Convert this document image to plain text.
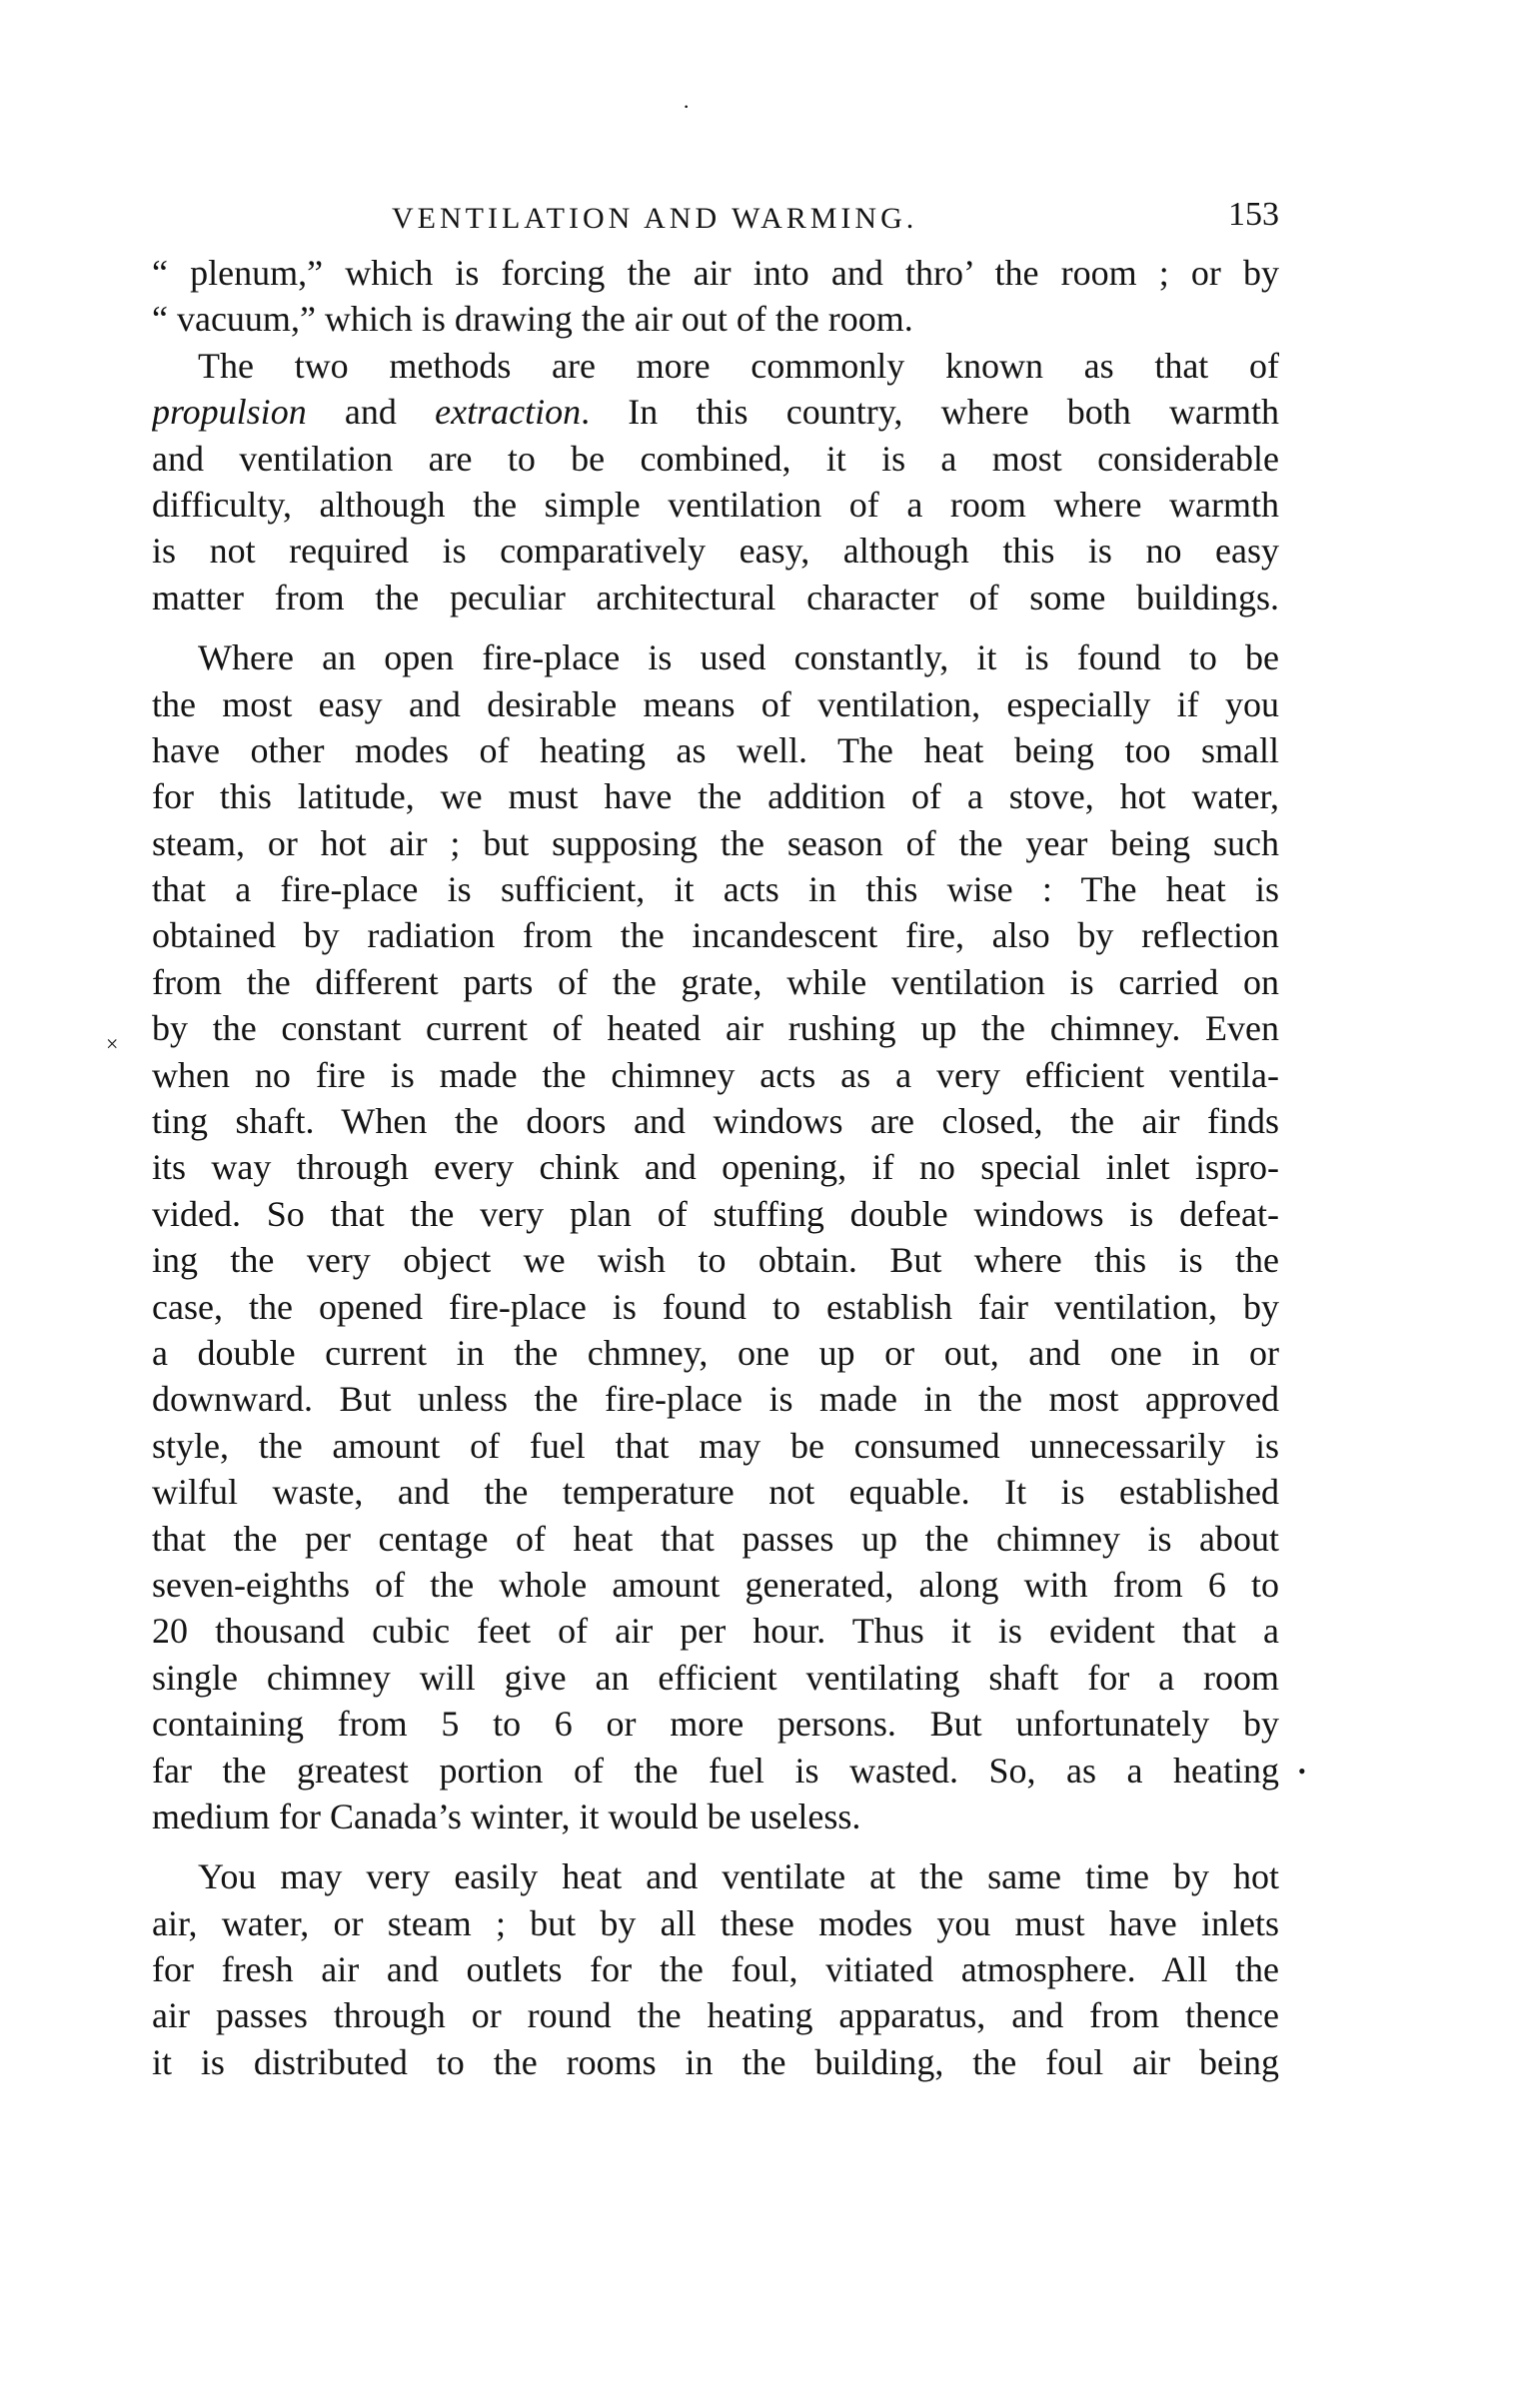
·
VENTILATION AND WARMING.	153
×
•
“ plenum,” which is forcing the air into and thro’ the room ; or by
“ vacuum,” which is drawing the air out of the room.
The two methods are more commonly known as that of
propulsion and extraction. In this country, where both warmth
and ventilation are to be combined, it is a most considerable
difficulty, although the simple ventilation of a room where warmth
is not required is comparatively easy, although this is no easy
matter from the peculiar architectural character of some buildings.
Where an open fire-place is used constantly, it is found to be
the most easy and desirable means of ventilation, especially if you
have other modes of heating as well. The heat being too small
for this latitude, we must have the addition of a stove, hot water,
steam, or hot air ; but supposing the season of the year being such
that a fire-place is sufficient, it acts in this wise : The heat is
obtained by radiation from the incandescent fire, also by reflection
from the different parts of the grate, while ventilation is carried on
by the constant current of heated air rushing up the chimney. Even
when no fire is made the chimney acts as a very efficient ventila-
ting shaft. When the doors and windows are closed, the air finds
its way through every chink and opening, if no special inlet ispro-
vided. So that the very plan of stuffing double windows is defeat-
ing the very object we wish to obtain. But where this is the
case, the opened fire-place is found to establish fair ventilation, by
a double current in the chmney, one up or out, and one in or
downward. But unless the fire-place is made in the most approved
style, the amount of fuel that may be consumed unnecessarily is
wilful waste, and the temperature not equable. It is established
that the per centage of heat that passes up the chimney is about
seven-eighths of the whole amount generated, along with from 6 to
20 thousand cubic feet of air per hour. Thus it is evident that a
single chimney will give an efficient ventilating shaft for a room
containing from 5 to 6 or more persons. But unfortunately by
far the greatest portion of the fuel is wasted. So, as a heating
medium for Canada’s winter, it would be useless.
You may very easily heat and ventilate at the same time by hot
air, water, or steam ; but by all these modes you must have inlets
for fresh air and outlets for the foul, vitiated atmosphere. All the
air passes through or round the heating apparatus, and from thence
it is distributed to the rooms in the building, the foul air being
